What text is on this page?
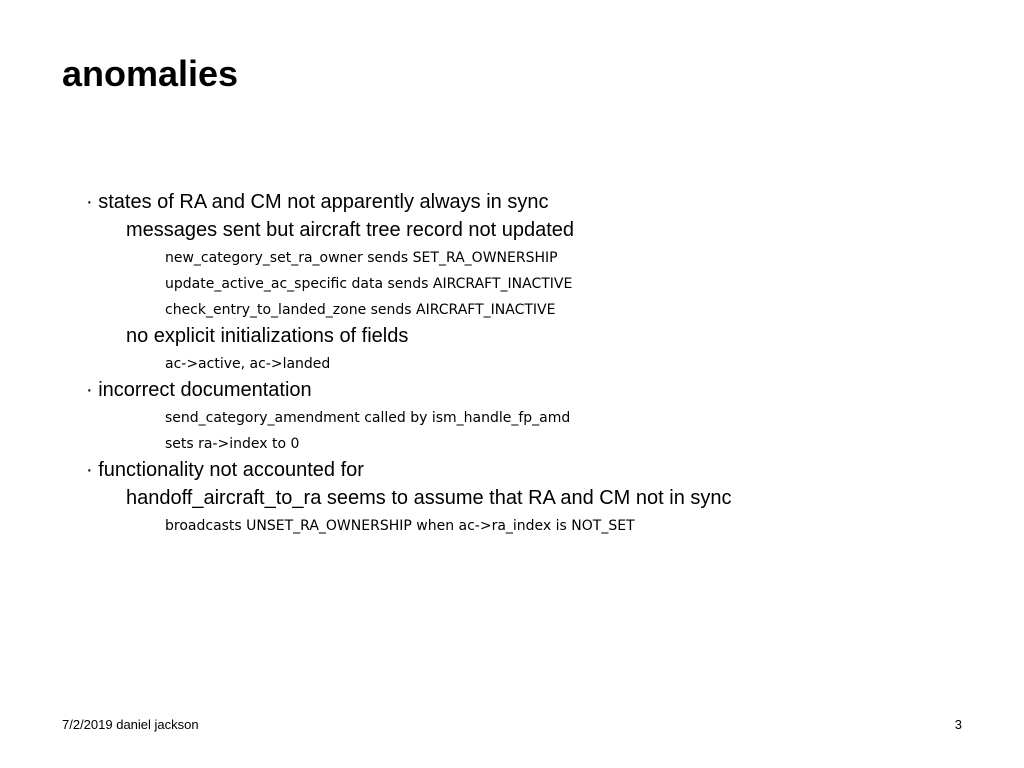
anomalies
· states of RA and CM not apparently always in sync
messages sent but aircraft tree record not updated
new_category_set_ra_owner sends SET_RA_OWNERSHIP
update_active_ac_specific data sends AIRCRAFT_INACTIVE
check_entry_to_landed_zone sends AIRCRAFT_INACTIVE
no explicit initializations of fields
ac->active, ac->landed
· incorrect documentation
send_category_amendment called by ism_handle_fp_amd
sets ra->index to 0
· functionality not accounted for
handoff_aircraft_to_ra seems to assume that RA and CM not in sync
broadcasts UNSET_RA_OWNERSHIP when ac->ra_index is NOT_SET
7/2/2019 daniel jackson	3
